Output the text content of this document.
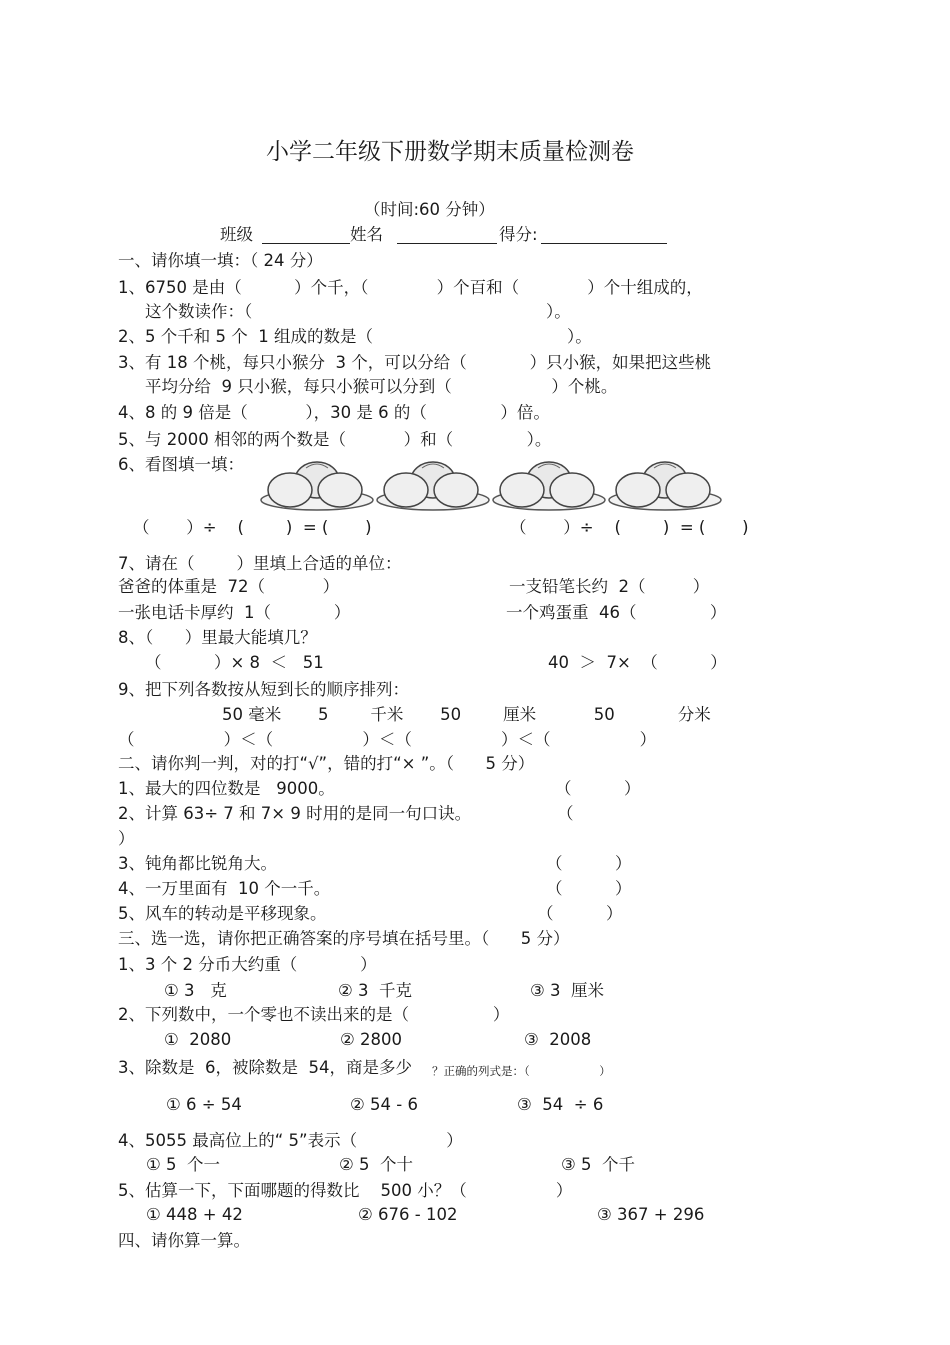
小学二年级下册数学期末质量检测卷
（时间:60 分钟）
班级	姓名	得分:
一、请你填一填：（ 24 分）
1、6750 是由（          ）个千，（             ）个百和（             ）个十组成的，
这个数读作：（                                                        ）。
2、5 个千和 5 个  1 组成的数是（                                     ）。
3、有 18 个桃，每只小猴分  3 个，可以分给（            ）只小猴，如果把这些桃
平均分给  9 只小猴，每只小猴可以分到（                   ）个桃。
4、8 的 9 倍是（           ），30 是 6 的（              ）倍。
5、与 2000 相邻的两个数是（           ）和（              ）。
6、看图填一填：
（       ）÷    (        )  = (       )	（       ）÷    (        )  = (       )
7、请在（        ）里填上合适的单位：
爸爸的体重是  72（           ）	一支铅笔长约  2（         ）
一张电话卡厚约  1（            ）	一个鸡蛋重  46（              ）
8、（      ）里最大能填几？
（          ）× 8  ＜   51	40  ＞  7×  （          ）
9、把下列各数按从短到长的顺序排列：
50 毫米       5        千米       50        厘米           50            分米
（                 ）＜（                 ）＜（                 ）＜（                 ）
二、请你判一判，对的打“√”，错的打“× ”。（      5 分）
1、最大的四位数是   9000。	（          ）
2、计算 63÷ 7 和 7× 9 时用的是同一句口诀。	（
）
3、钝角都比锐角大。	（          ）
4、一万里面有  10 个一千。	（          ）
5、风车的转动是平移现象。	（          ）
三、选一选，请你把正确答案的序号填在括号里。（      5 分）
1、3 个 2 分币大约重（            ）
① 3   克	② 3  千克	③ 3  厘米
2、下列数中，一个零也不读出来的是（                ）
①  2080	② 2800	③  2008
3、除数是  6，被除数是  54，商是多少 ？正确的列式是：（                   ）
① 6 ÷ 54	② 54 - 6	③  54  ÷ 6
4、5055 最高位上的“ 5”表示（                 ）
① 5  个一	② 5  个十	③ 5  个千
5、估算一下，下面哪题的得数比    500 小？（                 ）
① 448 + 42	② 676 - 102	③ 367 + 296
四、请你算一算。
